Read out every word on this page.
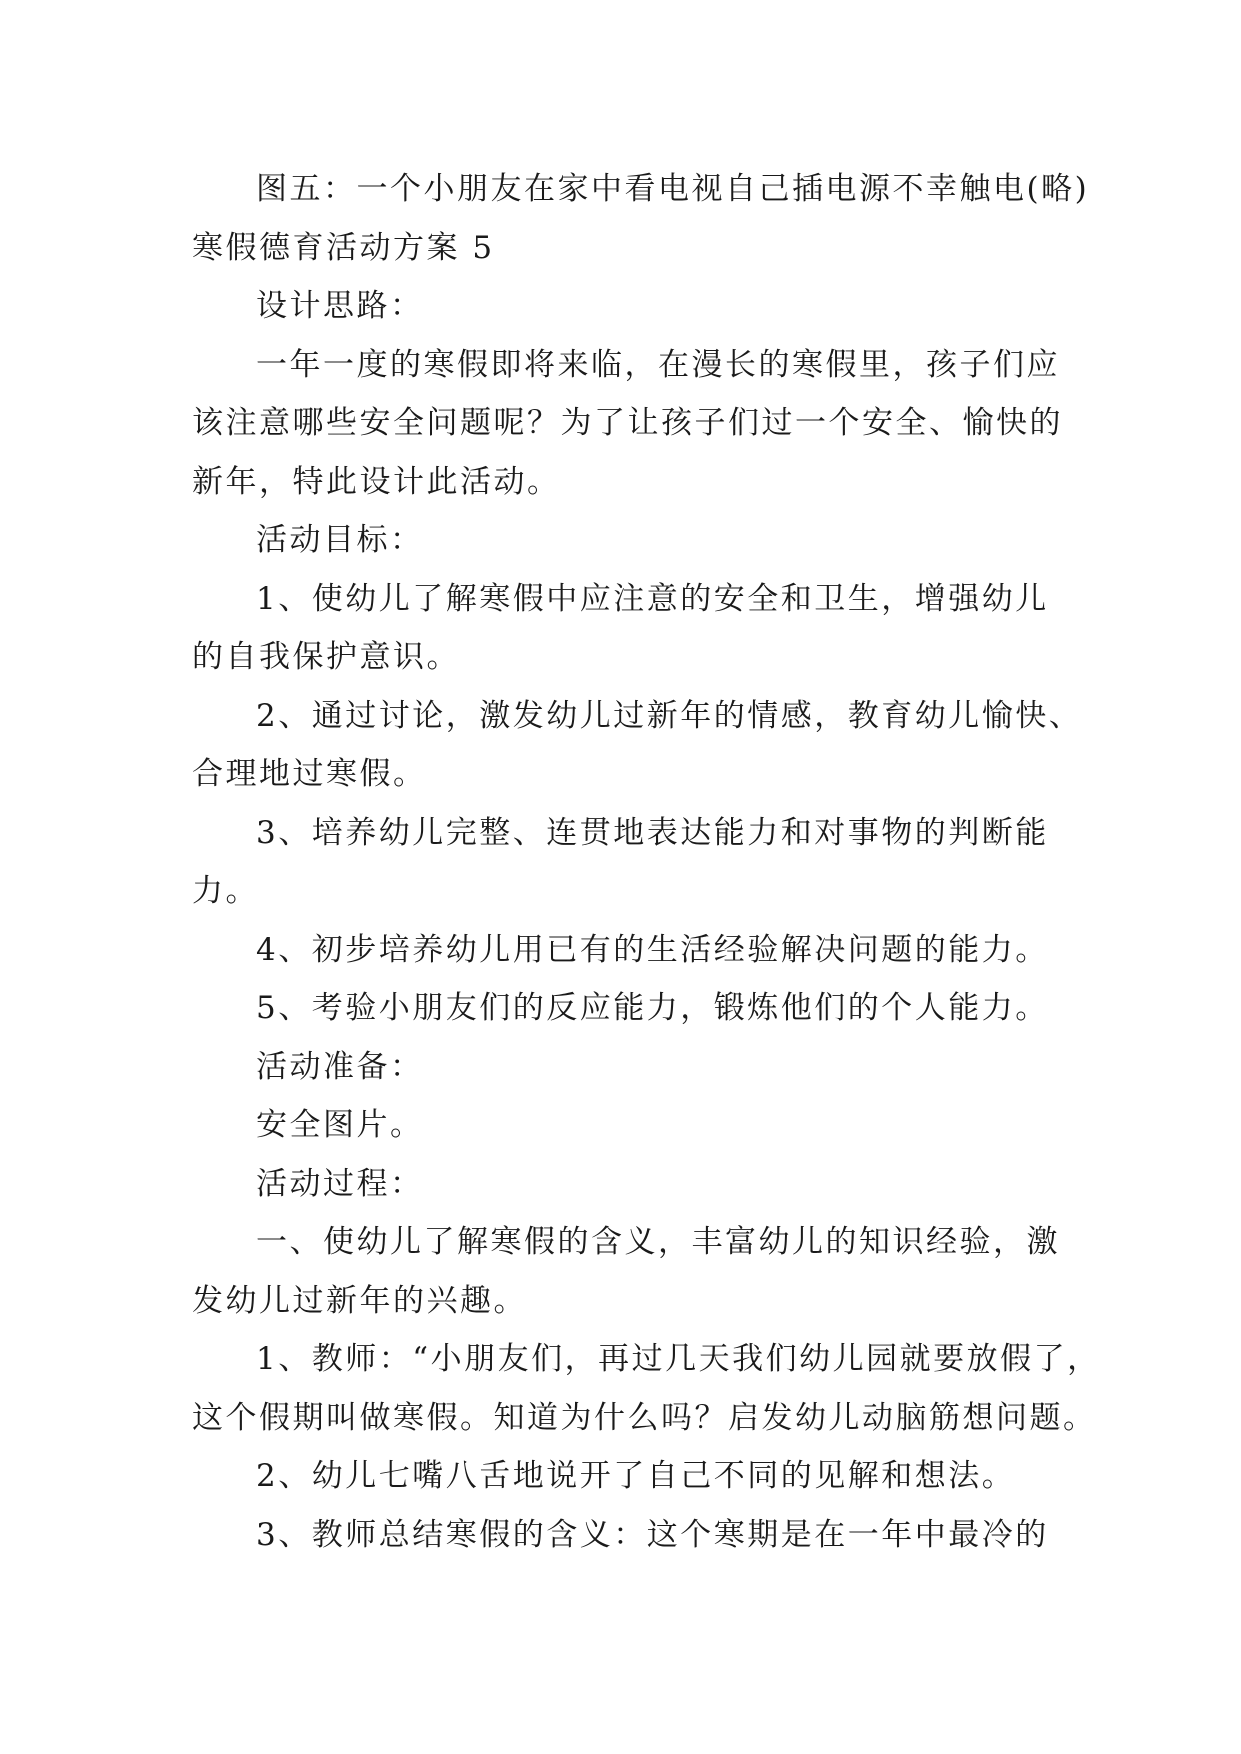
图五：一个小朋友在家中看电视自己插电源不幸触电(略)
寒假德育活动方案 5
设计思路：
一年一度的寒假即将来临，在漫长的寒假里，孩子们应
该注意哪些安全问题呢？为了让孩子们过一个安全、愉快的
新年，特此设计此活动。
活动目标：
1、使幼儿了解寒假中应注意的安全和卫生，增强幼儿
的自我保护意识。
2、通过讨论，激发幼儿过新年的情感，教育幼儿愉快、
合理地过寒假。
3、培养幼儿完整、连贯地表达能力和对事物的判断能
力。
4、初步培养幼儿用已有的生活经验解决问题的能力。
5、考验小朋友们的反应能力，锻炼他们的个人能力。
活动准备：
安全图片。
活动过程：
一、使幼儿了解寒假的含义，丰富幼儿的知识经验，激
发幼儿过新年的兴趣。
1、教师：“小朋友们，再过几天我们幼儿园就要放假了，
这个假期叫做寒假。知道为什么吗？启发幼儿动脑筋想问题。
2、幼儿七嘴八舌地说开了自己不同的见解和想法。
3、教师总结寒假的含义：这个寒期是在一年中最冷的
